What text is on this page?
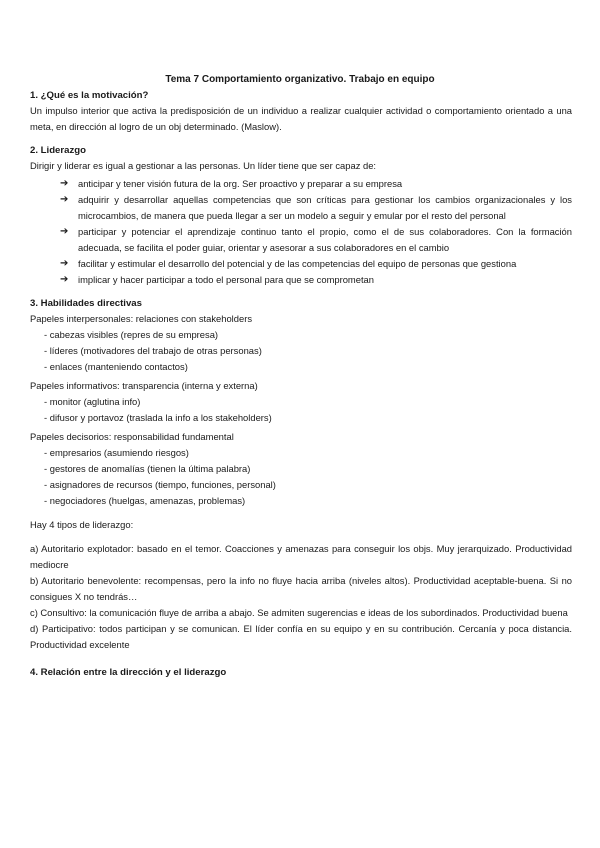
Tema 7 Comportamiento organizativo. Trabajo en equipo
1. ¿Qué es la motivación?

Un impulso interior que activa la predisposición de un individuo a realizar cualquier actividad o comportamiento orientado a una meta, en dirección al logro de un obj determinado. (Maslow).

2. Liderazgo

Dirigir y liderar es igual a gestionar a las personas. Un líder tiene que ser capaz de:

➔ anticipar y tener visión futura de la org. Ser proactivo y preparar a su empresa
➔ adquirir y desarrollar aquellas competencias que son críticas para gestionar los cambios organizacionales y los microcambios, de manera que pueda llegar a ser un modelo a seguir y emular por el resto del personal
➔ participar y potenciar el aprendizaje continuo tanto el propio, como el de sus colaboradores. Con la formación adecuada, se facilita el poder guiar, orientar y asesorar a sus colaboradores en el cambio
➔ facilitar y estimular el desarrollo del potencial y de las competencias del equipo de personas que gestiona
➔ implicar y hacer participar a todo el personal para que se comprometan
3. Habilidades directivas

Papeles interpersonales: relaciones con stakeholders

- cabezas visibles (repres de su empresa)
- líderes (motivadores del trabajo de otras personas)
- enlaces (manteniendo contactos)

Papeles informativos: transparencia (interna y externa)

- monitor (aglutina info)
- difusor y portavoz (traslada la info a los stakeholders)

Papeles decisorios: responsabilidad fundamental

- empresarios (asumiendo riesgos)
- gestores de anomalías (tienen la última palabra)
- asignadores de recursos (tiempo, funciones, personal)
- negociadores (huelgas, amenazas, problemas)

Hay 4 tipos de liderazgo:

a) Autoritario explotador: basado en el temor. Coacciones y amenazas para conseguir los objs. Muy jerarquizado. Productividad mediocre

b) Autoritario benevolente: recompensas, pero la info no fluye hacia arriba (niveles altos). Productividad aceptable-buena. Si no consigues X no tendrás…

c) Consultivo: la comunicación fluye de arriba a abajo. Se admiten sugerencias e ideas de los subordinados. Productividad buena

d) Participativo: todos participan y se comunican. El líder confía en su equipo y en su contribución. Cercanía y poca distancia. Productividad excelente

4. Relación entre la dirección y el liderazgo
